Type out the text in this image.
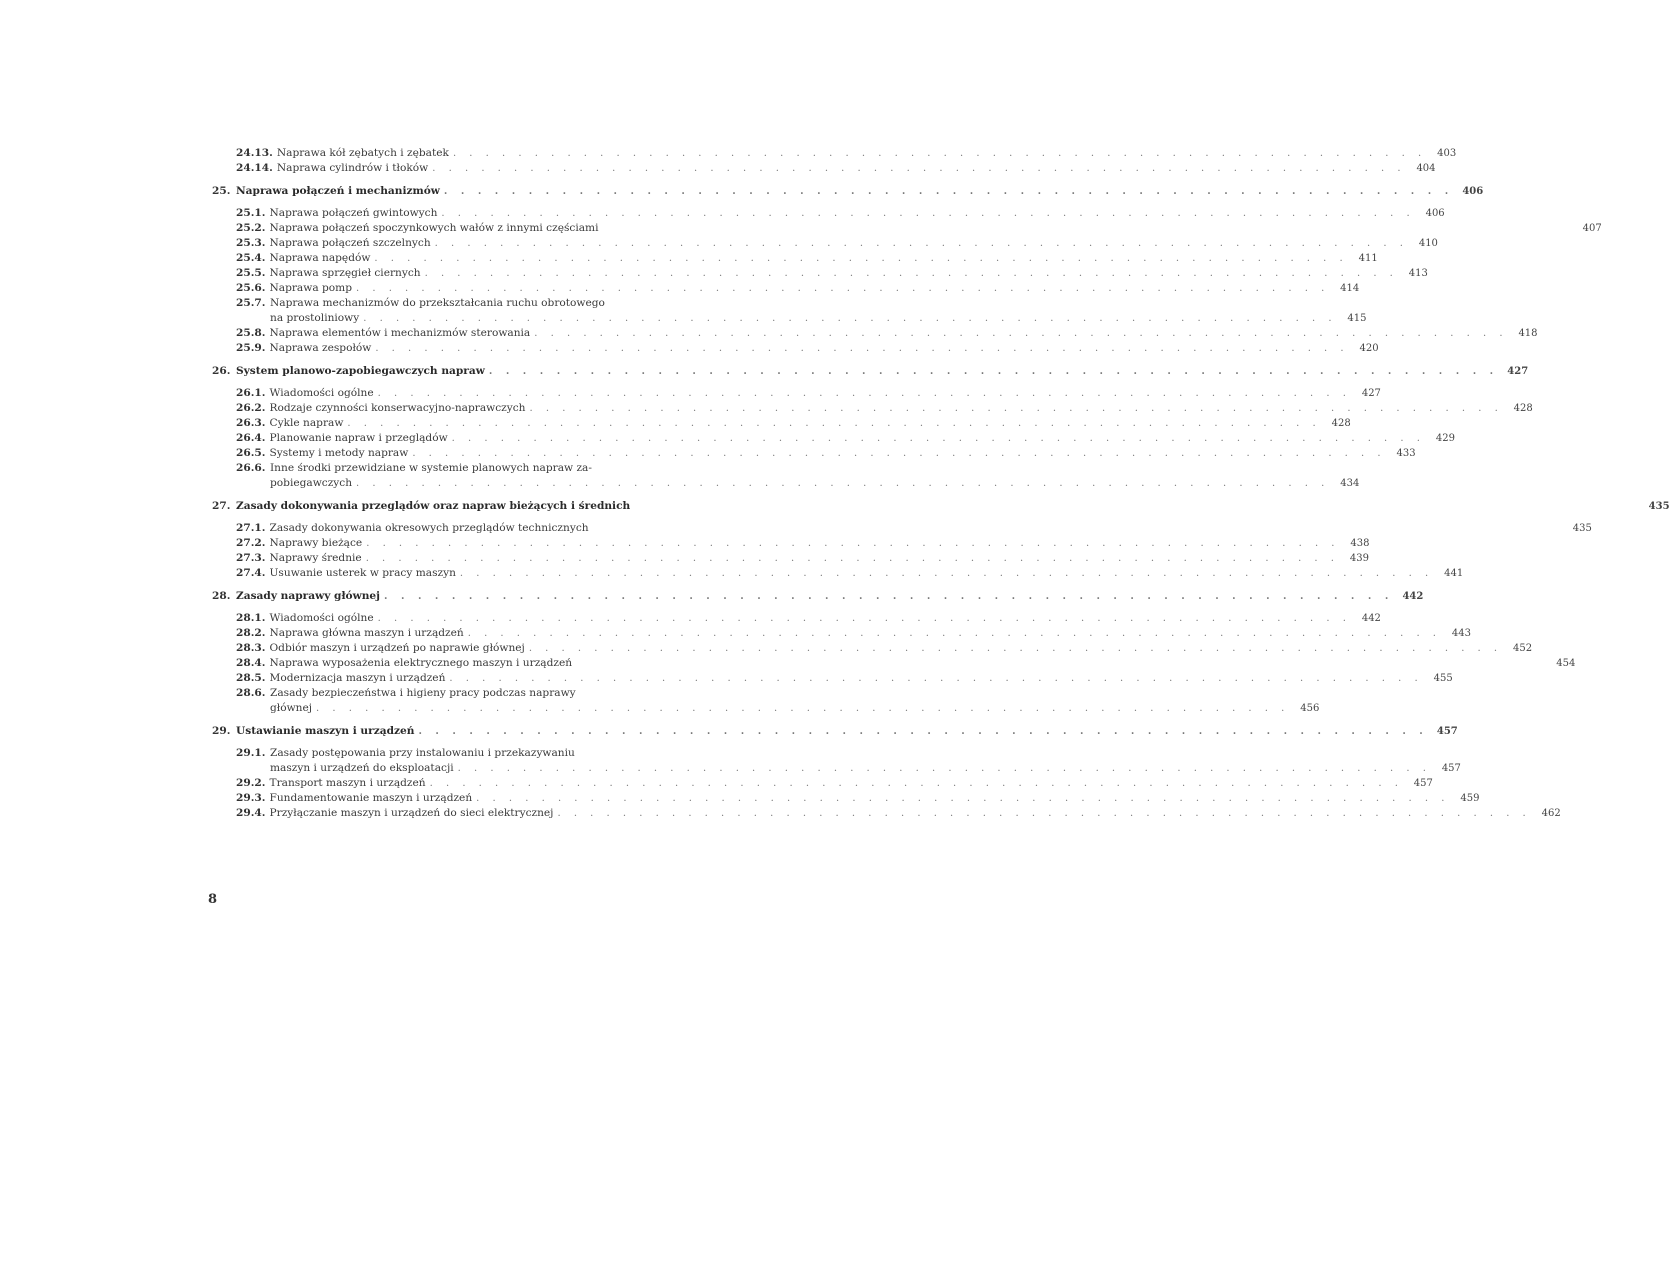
24.13. Naprawa kół zębatych i zębatek . . .	403
24.14. Naprawa cylindrów i tłoków . . .	404
25. Naprawa połączeń i mechanizmów . . .	406
25.1. Naprawa połączeń gwintowych . . .	406
25.2. Naprawa połączeń spoczynkowych wałów z innymi częściami	407
25.3. Naprawa połączeń szczelnych . . .	410
25.4. Naprawa napędów . . .	411
25.5. Naprawa sprzęgieł ciernych . . .	413
25.6. Naprawa pomp . . .	414
25.7. Naprawa mechanizmów do przekształcania ruchu obrotowego
na prostoliniowy . . .	415
25.8. Naprawa elementów i mechanizmów sterowania . . .	418
25.9. Naprawa zespołów . . .	420
26. System planowo-zapobiegawczych napraw . . .	427
26.1. Wiadomości ogólne . . .	427
26.2. Rodzaje czynności konserwacyjno-naprawczych . . .	428
26.3. Cykle napraw . . .	428
26.4. Planowanie napraw i przeglądów . . .	429
26.5. Systemy i metody napraw . . .	433
26.6. Inne środki przewidziane w systemie planowych napraw za-
pobiegawczych . . .	434
27. Zasady dokonywania przeglądów oraz napraw bieżących i średnich	435
27.1. Zasady dokonywania okresowych przeglądów technicznych	435
27.2. Naprawy bieżące . . .	438
27.3. Naprawy średnie . . .	439
27.4. Usuwanie usterek w pracy maszyn . . .	441
28. Zasady naprawy głównej . . .	442
28.1. Wiadomości ogólne . . .	442
28.2. Naprawa główna maszyn i urządzeń . . .	443
28.3. Odbiór maszyn i urządzeń po naprawie głównej . . .	452
28.4. Naprawa wyposażenia elektrycznego maszyn i urządzeń	454
28.5. Modernizacja maszyn i urządzeń . . .	455
28.6. Zasady bezpieczeństwa i higieny pracy podczas naprawy
głównej . . .	456
29. Ustawianie maszyn i urządzeń . . .	457
29.1. Zasady postępowania przy instalowaniu i przekazywaniu
maszyn i urządzeń do eksploatacji . . .	457
29.2. Transport maszyn i urządzeń . . .	457
29.3. Fundamentowanie maszyn i urządzeń . . .	459
29.4. Przyłączanie maszyn i urządzeń do sieci elektrycznej . . .	462
8
